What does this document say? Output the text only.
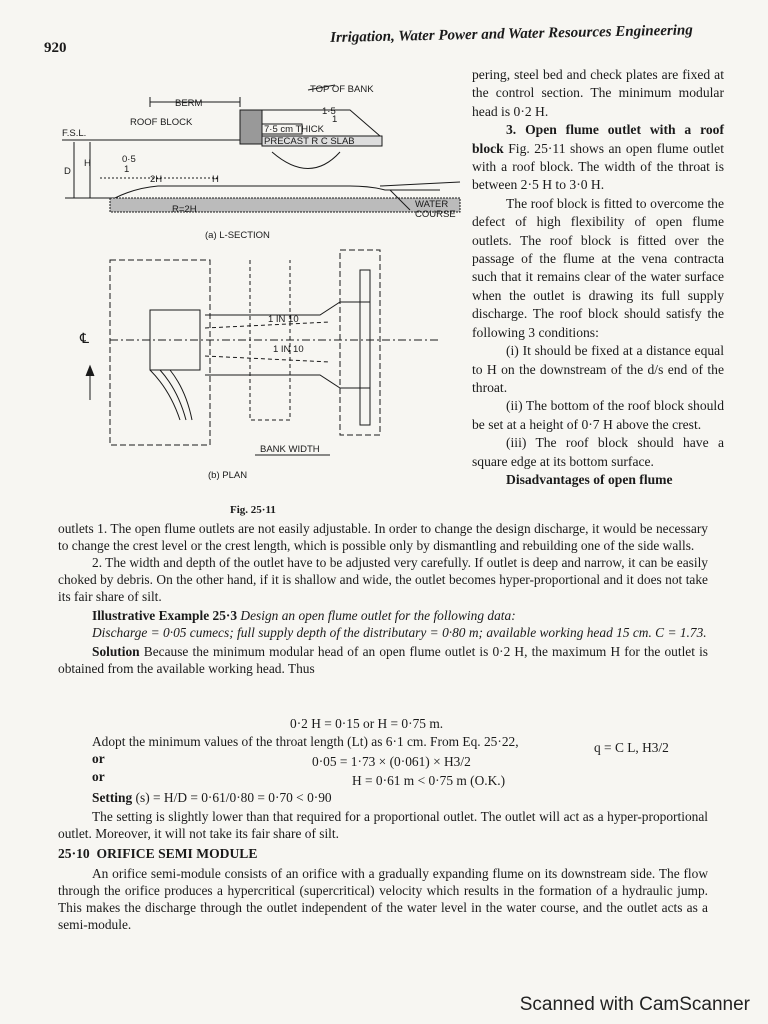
920
Irrigation, Water Power and Water Resources Engineering
TOP OF BANK
BERM
ROOF BLOCK
1·5
1
7·5 cm THICK
PRECAST R C SLAB
F.S.L.
H
D
0·5
1
2H	H
R=2H	WATER
COURSE
(a) L-SECTION
℄
1 IN 10
1 IN 10
BANK WIDTH
(b) PLAN
Fig. 25·11

pering, steel bed and check plates are fixed at the control section. The minimum modular head is 0·2 H.

3. Open flume outlet with a roof block Fig. 25·11 shows an open flume outlet with a roof block. The width of the throat is between 2·5 H to 3·0 H.

The roof block is fitted to overcome the defect of high flexibility of open flume outlets. The roof block is fitted over the passage of the flume at the vena contracta such that it remains clear of the water surface when the outlet is drawing its full supply discharge. The roof block should satisfy the following 3 conditions:

(i) It should be fixed at a distance equal to H on the downstream of the d/s end of the throat.

(ii) The bottom of the roof block should be set at a height of 0·7 H above the crest.

(iii) The roof block should have a square edge at its bottom surface.

Disadvantages of open flume

outlets 1. The open flume outlets are not easily adjustable. In order to change the design discharge, it would be necessary to change the crest level or the crest length, which is possible only by dismantling and rebuilding one of the side walls.

2. The width and depth of the outlet have to be adjusted very carefully. If outlet is deep and narrow, it can be easily choked by debris. On the other hand, if it is shallow and wide, the outlet becomes hyper-proportional and it does not take its fair share of silt.

Illustrative Example 25·3 Design an open flume outlet for the following data:

Discharge = 0·05 cumecs; full supply depth of the distributary = 0·80 m; available working head 15 cm. C = 1.73.

Solution Because the minimum modular head of an open flume outlet is 0·2 H, the maximum H for the outlet is obtained from the available working head. Thus

0·2 H = 0·15 or H = 0·75 m.
Adopt the minimum values of the throat length (Lt) as 6·1 cm. From Eq. 25·22,	q = C L, H3/2
or	0·05 = 1·73 × (0·061) × H3/2
or	H = 0·61 m < 0·75 m (O.K.)
Setting (s) = H/D = 0·61/0·80 = 0·70 < 0·90

The setting is slightly lower than that required for a proportional outlet. The outlet will act as a hyper-proportional outlet. Moreover, it will not take its fair share of silt.

25·10 ORIFICE SEMI MODULE

An orifice semi-module consists of an orifice with a gradually expanding flume on its downstream side. The flow through the orifice produces a hypercritical (supercritical) velocity which results in the formation of a hydraulic jump. This makes the discharge through the outlet independent of the water level in the water course, and the outlet acts as a semi-module.

Scanned with CamScanner
